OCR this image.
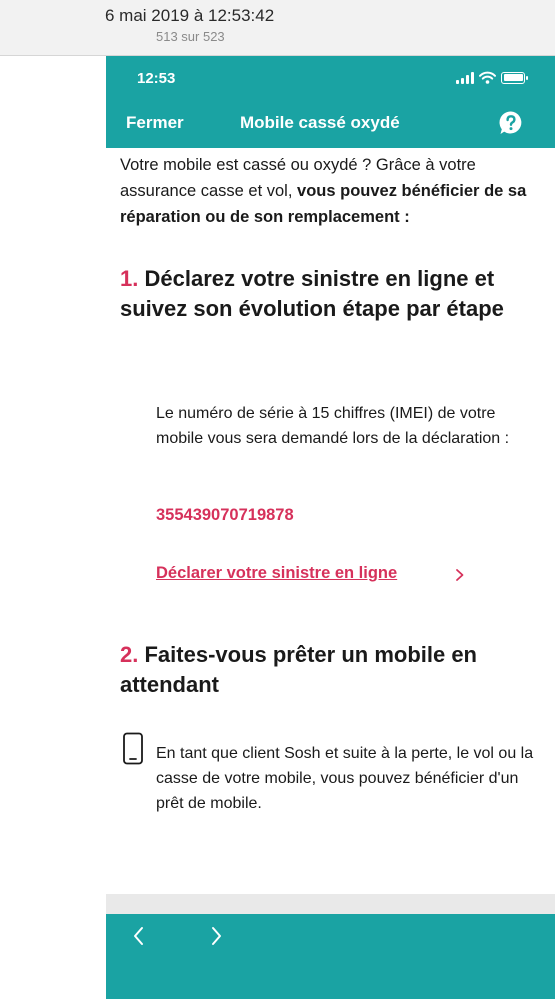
6 mai 2019 à 12:53:42
513 sur 523
12:53
Fermer	Mobile cassé oxydé

Votre mobile est cassé ou oxydé ? Grâce à votre assurance casse et vol, vous pouvez bénéficier de sa réparation ou de son remplacement :

1. Déclarez votre sinistre en ligne et suivez son évolution étape par étape

Le numéro de série à 15 chiffres (IMEI) de votre mobile vous sera demandé lors de la déclaration :

355439070719878
Déclarer votre sinistre en ligne
2. Faites-vous prêter un mobile en attendant

En tant que client Sosh et suite à la perte, le vol ou la casse de votre mobile, vous pouvez bénéficier d'un prêt de mobile.
